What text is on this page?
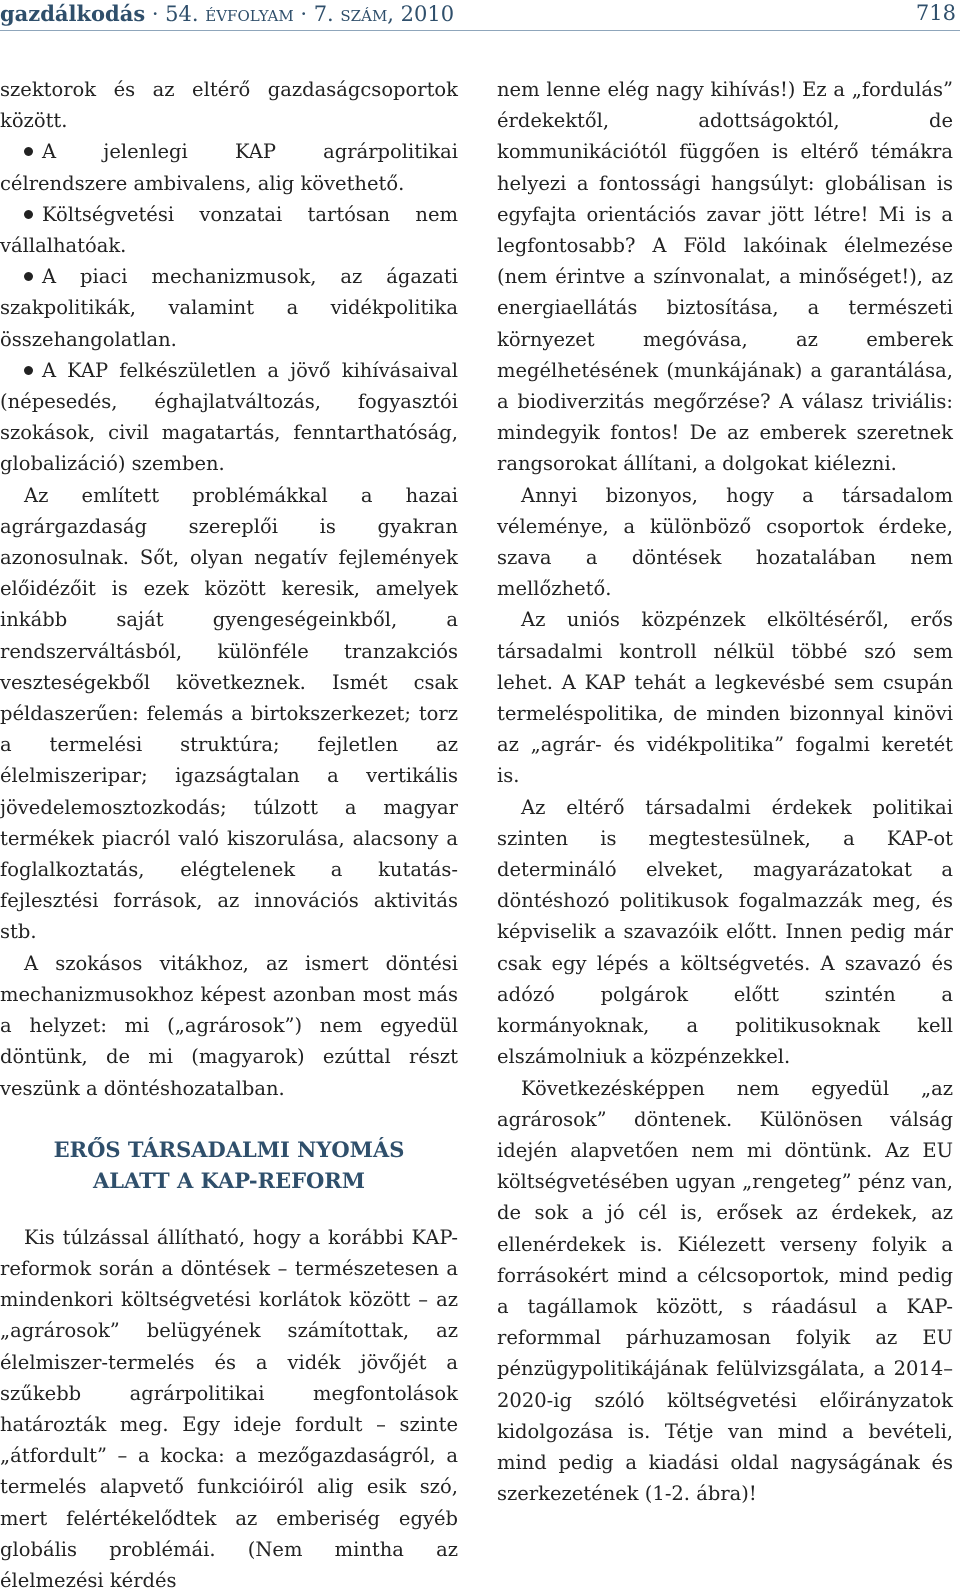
gazdálkodás · 54. évfolyam · 7. szám, 2010	718

szektorok és az eltérő gazdaságcsoportok között.

A jelenlegi KAP agrárpolitikai célrendszere ambivalens, alig követhető.

Költségvetési vonzatai tartósan nem vállalhatóak.

A piaci mechanizmusok, az ágazati szakpolitikák, valamint a vidékpolitika összehangolatlan.

A KAP felkészületlen a jövő kihívásaival (népesedés, éghajlatváltozás, fogyasztói szokások, civil magatartás, fenntarthatóság, globalizáció) szemben.

Az említett problémákkal a hazai agrárgazdaság szereplői is gyakran azonosulnak. Sőt, olyan negatív fejlemények előidézőit is ezek között keresik, amelyek inkább saját gyengeségeinkből, a rendszerváltásból, különféle tranzakciós veszteségekből következnek. Ismét csak példaszerűen: felemás a birtokszerkezet; torz a termelési struktúra; fejletlen az élelmiszeripar; igazságtalan a vertikális jövedelemosztozkodás; túlzott a magyar termékek piacról való kiszorulása, alacsony a foglalkoztatás, elégtelenek a kutatás-fejlesztési források, az innovációs aktivitás stb.

A szokásos vitákhoz, az ismert döntési mechanizmusokhoz képest azonban most más a helyzet: mi („agrárosok”) nem egyedül döntünk, de mi (magyarok) ezúttal részt veszünk a döntéshozatalban.

ERŐS TÁRSADALMI NYOMÁS
ALATT A KAP-REFORM

Kis túlzással állítható, hogy a korábbi KAP-reformok során a döntések – természetesen a mindenkori költségvetési korlátok között – az „agrárosok” belügyének számítottak, az élelmiszer-termelés és a vidék jövőjét a szűkebb agrárpolitikai megfontolások határozták meg. Egy ideje fordult – szinte „átfordult” – a kocka: a mezőgazdaságról, a termelés alapvető funkcióiról alig esik szó, mert felértékelődtek az emberiség egyéb globális problémái. (Nem mintha az élelmezési kérdés

nem lenne elég nagy kihívás!) Ez a „fordulás” érdekektől, adottságoktól, de kommunikációtól függően is eltérő témákra helyezi a fontossági hangsúlyt: globálisan is egyfajta orientációs zavar jött létre! Mi is a legfontosabb? A Föld lakóinak élelmezése (nem érintve a színvonalat, a minőséget!), az energiaellátás biztosítása, a természeti környezet megóvása, az emberek megélhetésének (munkájának) a garantálása, a biodiverzitás megőrzése? A válasz triviális: mindegyik fontos! De az emberek szeretnek rangsorokat állítani, a dolgokat kiélezni.

Annyi bizonyos, hogy a társadalom véleménye, a különböző csoportok érdeke, szava a döntések hozatalában nem mellőzhető.

Az uniós közpénzek elköltéséről, erős társadalmi kontroll nélkül többé szó sem lehet. A KAP tehát a legkevésbé sem csupán termeléspolitika, de minden bizonnyal kinövi az „agrár- és vidékpolitika” fogalmi keretét is.

Az eltérő társadalmi érdekek politikai szinten is megtestesülnek, a KAP-ot determináló elveket, magyarázatokat a döntéshozó politikusok fogalmazzák meg, és képviselik a szavazóik előtt. Innen pedig már csak egy lépés a költségvetés. A szavazó és adózó polgárok előtt szintén a kormányoknak, a politikusoknak kell elszámolniuk a közpénzekkel.

Következésképpen nem egyedül „az agrárosok” döntenek. Különösen válság idején alapvetően nem mi döntünk. Az EU költségvetésében ugyan „rengeteg” pénz van, de sok a jó cél is, erősek az érdekek, az ellenérdekek is. Kiélezett verseny folyik a forrásokért mind a célcsoportok, mind pedig a tagállamok között, s ráadásul a KAP-reformmal párhuzamosan folyik az EU pénzügypolitikájának felülvizsgálata, a 2014–2020-ig szóló költségvetési előirányzatok kidolgozása is. Tétje van mind a bevételi, mind pedig a kiadási oldal nagyságának és szerkezetének (1-2. ábra)!
